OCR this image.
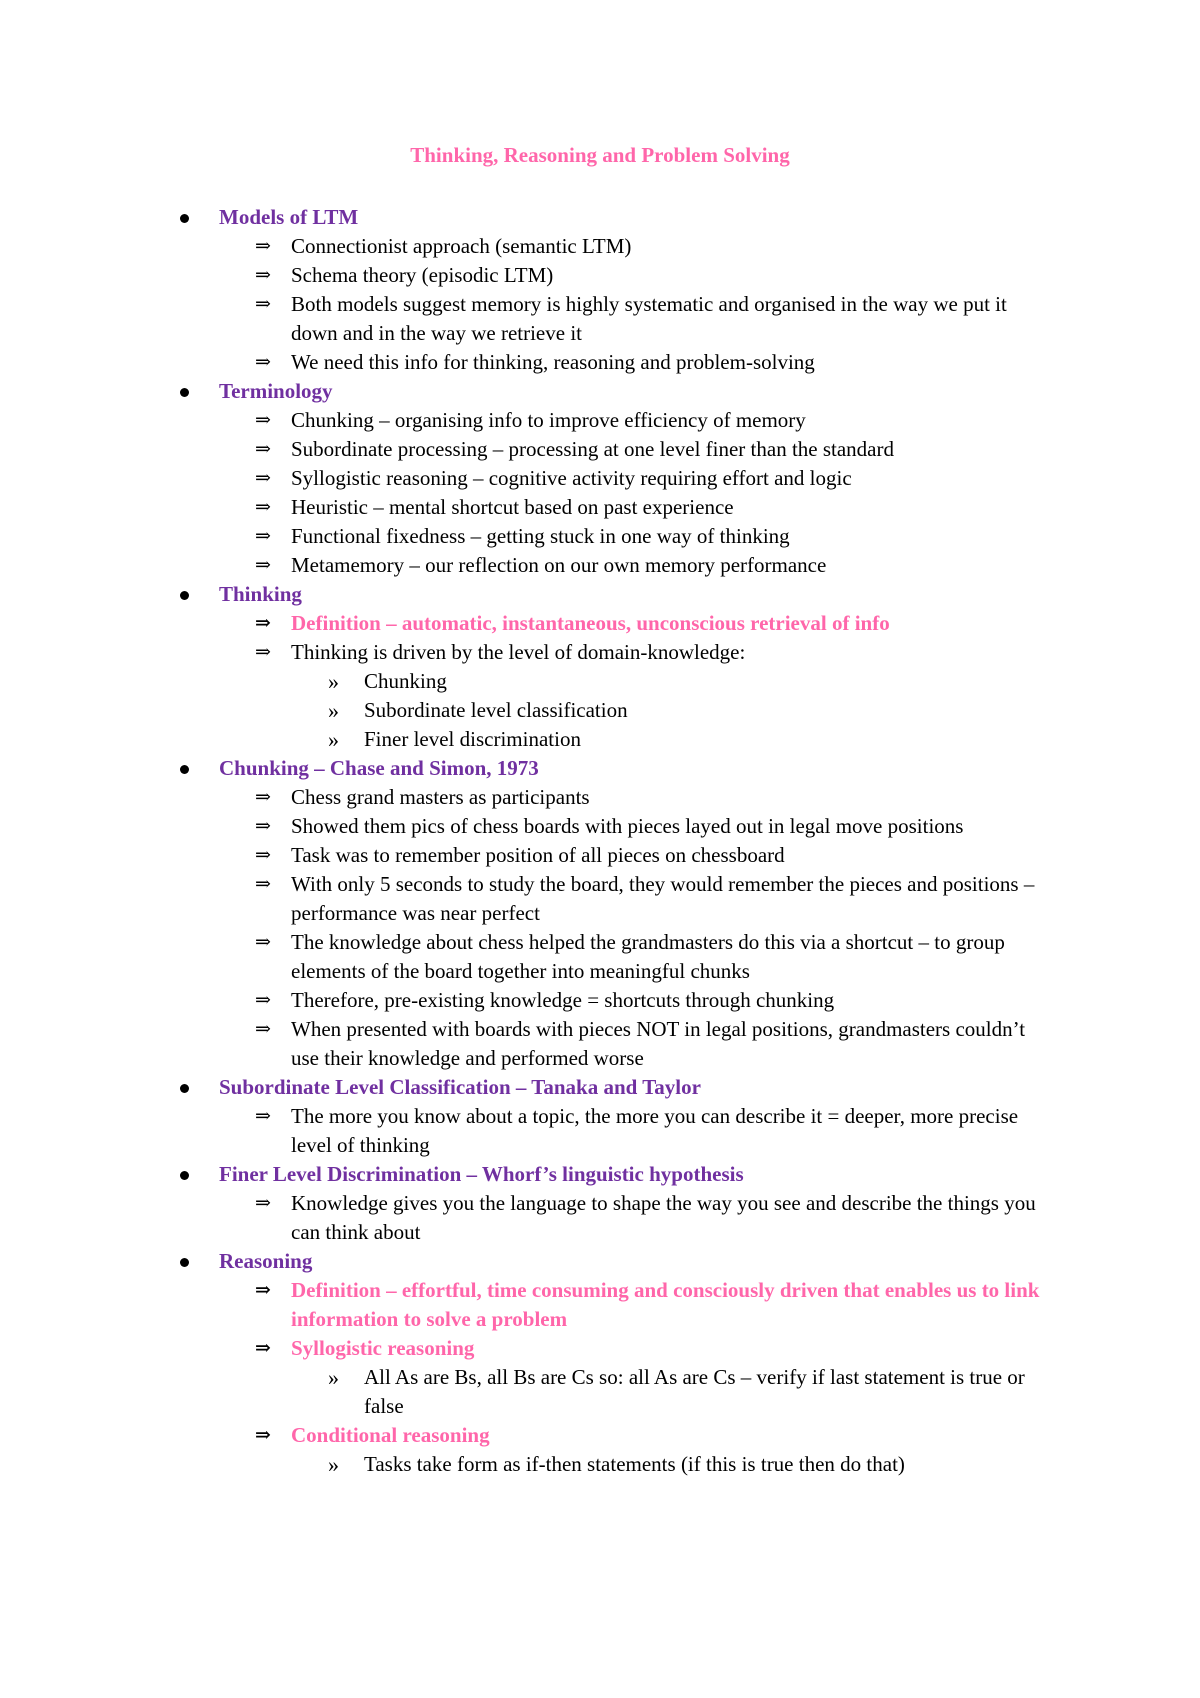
Thinking, Reasoning and Problem Solving
Models of LTM
⇒ Connectionist approach (semantic LTM)
⇒ Schema theory (episodic LTM)
⇒ Both models suggest memory is highly systematic and organised in the way we put it down and in the way we retrieve it
⇒ We need this info for thinking, reasoning and problem-solving
Terminology
⇒ Chunking – organising info to improve efficiency of memory
⇒ Subordinate processing – processing at one level finer than the standard
⇒ Syllogistic reasoning – cognitive activity requiring effort and logic
⇒ Heuristic – mental shortcut based on past experience
⇒ Functional fixedness – getting stuck in one way of thinking
⇒ Metamemory – our reflection on our own memory performance
Thinking
⇒ Definition – automatic, instantaneous, unconscious retrieval of info
⇒ Thinking is driven by the level of domain-knowledge:
»	Chunking
»	Subordinate level classification
»	Finer level discrimination
Chunking – Chase and Simon, 1973
⇒ Chess grand masters as participants
⇒ Showed them pics of chess boards with pieces layed out in legal move positions
⇒ Task was to remember position of all pieces on chessboard
⇒ With only 5 seconds to study the board, they would remember the pieces and positions – performance was near perfect
⇒ The knowledge about chess helped the grandmasters do this via a shortcut – to group elements of the board together into meaningful chunks
⇒ Therefore, pre-existing knowledge = shortcuts through chunking
⇒ When presented with boards with pieces NOT in legal positions, grandmasters couldn’t use their knowledge and performed worse
Subordinate Level Classification – Tanaka and Taylor
⇒ The more you know about a topic, the more you can describe it = deeper, more precise level of thinking
Finer Level Discrimination – Whorf’s linguistic hypothesis
⇒ Knowledge gives you the language to shape the way you see and describe the things you can think about
Reasoning
⇒ Definition – effortful, time consuming and consciously driven that enables us to link information to solve a problem
⇒ Syllogistic reasoning
»	All As are Bs, all Bs are Cs so: all As are Cs – verify if last statement is true or false
⇒ Conditional reasoning
»	Tasks take form as if-then statements (if this is true then do that)
